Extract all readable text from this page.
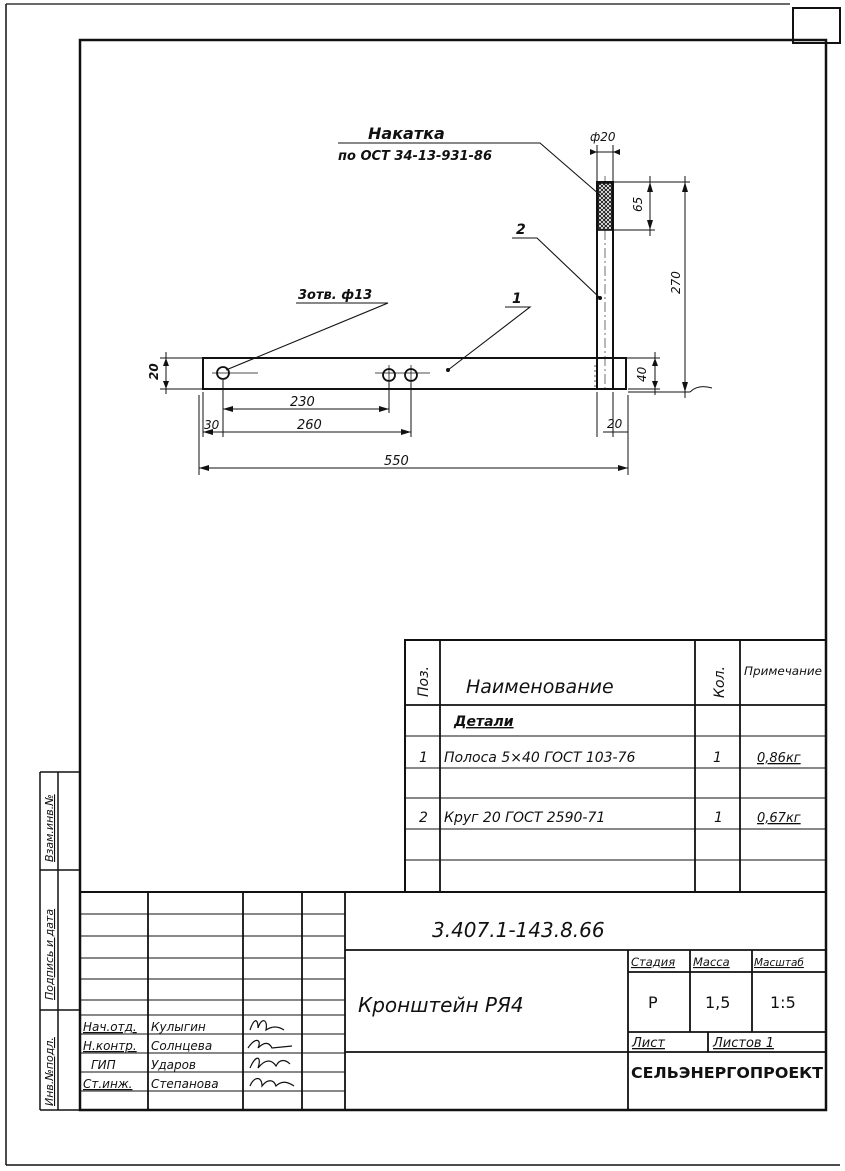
Накатка
по ОСТ 34-13-931-86
3отв. ф13
2
1
ф20
65
270
40
20
20
230
30	260
550
Поз. Наименование	Кол. Примечание
Детали
1 Полоса 5×40 ГОСТ 103-76	1	0,86кг
2 Круг 20 ГОСТ 2590-71	1	0,67кг
3.407.1-143.8.66
Кронштейн РЯ4
Стадия Масса Масштаб
Р	1,5 1:5
Лист	Листов 1
СЕЛЬЭНЕРГОПРОЕКТ
Нач.отд. Кулыгин
Н.контр. Солнцева
ГИП	Ударов
Ст.инж. Степанова
Взам.инв.№
Подпись и дата
Инв.№подл.
